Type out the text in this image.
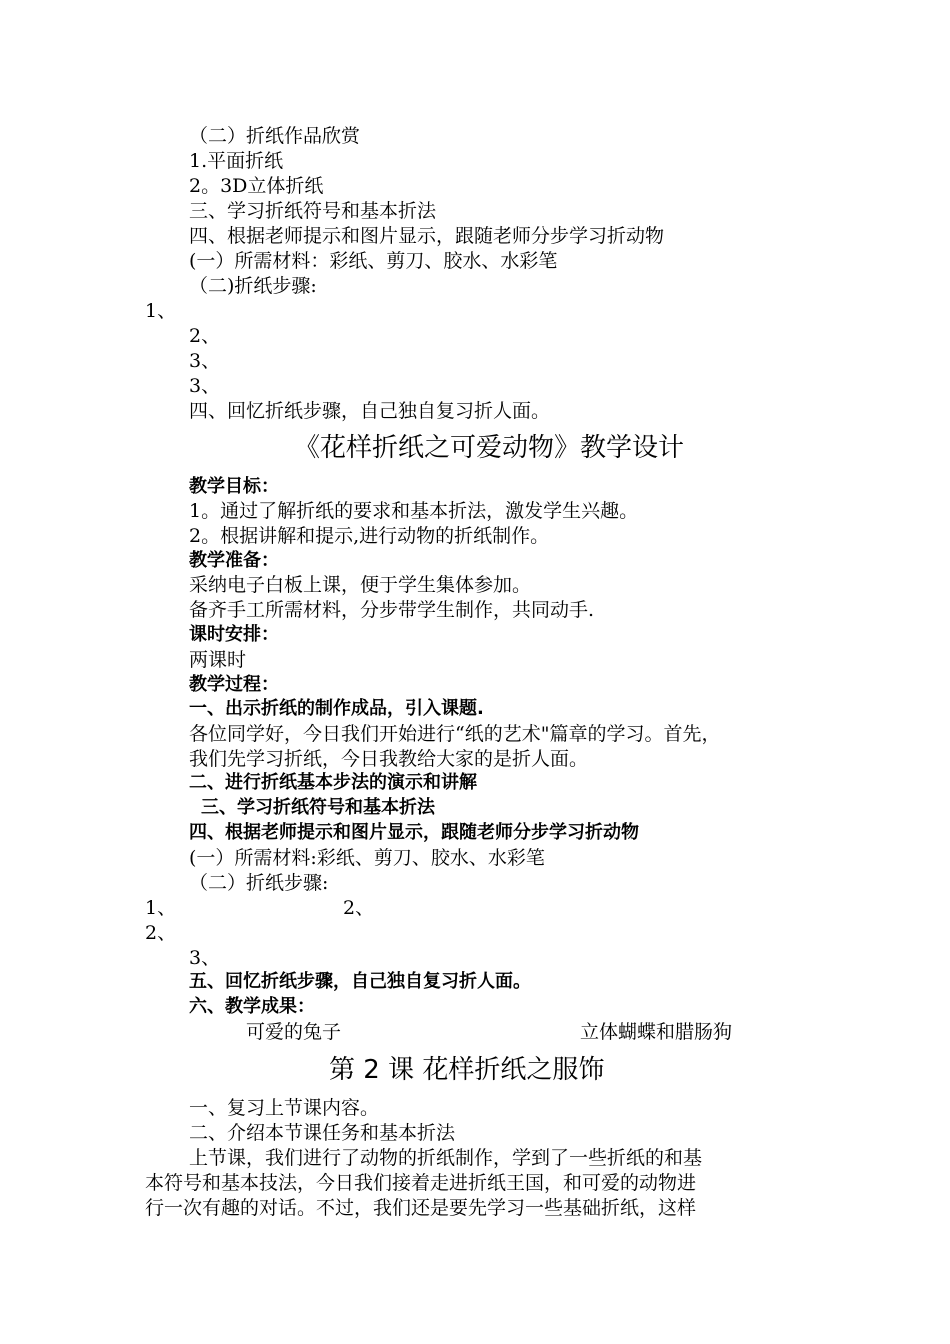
（二）折纸作品欣赏
1.平面折纸
2。3D立体折纸
三、学习折纸符号和基本折法
四、根据老师提示和图片显示，跟随老师分步学习折动物
(一）所需材料：彩纸、剪刀、胶水、水彩笔
（二)折纸步骤:
1、
2、
3、
3、
四、回忆折纸步骤，自己独自复习折人面。
《花样折纸之可爱动物》教学设计
教学目标：
1。通过了解折纸的要求和基本折法，激发学生兴趣。
2。根据讲解和提示,进行动物的折纸制作。
教学准备：
采纳电子白板上课，便于学生集体参加。
备齐手工所需材料，分步带学生制作，共同动手.
课时安排：
两课时
教学过程：
一、出示折纸的制作成品，引入课题.
各位同学好，今日我们开始进行“纸的艺术"篇章的学习。首先，
我们先学习折纸，今日我教给大家的是折人面。
二、进行折纸基本步法的演示和讲解
三、学习折纸符号和基本折法
四、根据老师提示和图片显示，跟随老师分步学习折动物
(一）所需材料:彩纸、剪刀、胶水、水彩笔
（二）折纸步骤:
1、	2、
2、
3、
五、回忆折纸步骤，自己独自复习折人面。
六、教学成果：
可爱的兔子	立体蝴蝶和腊肠狗
第 2 课 花样折纸之服饰
一、复习上节课内容。
二、介绍本节课任务和基本折法
上节课，我们进行了动物的折纸制作，学到了一些折纸的和基
本符号和基本技法，今日我们接着走进折纸王国，和可爱的动物进
行一次有趣的对话。不过，我们还是要先学习一些基础折纸，这样
